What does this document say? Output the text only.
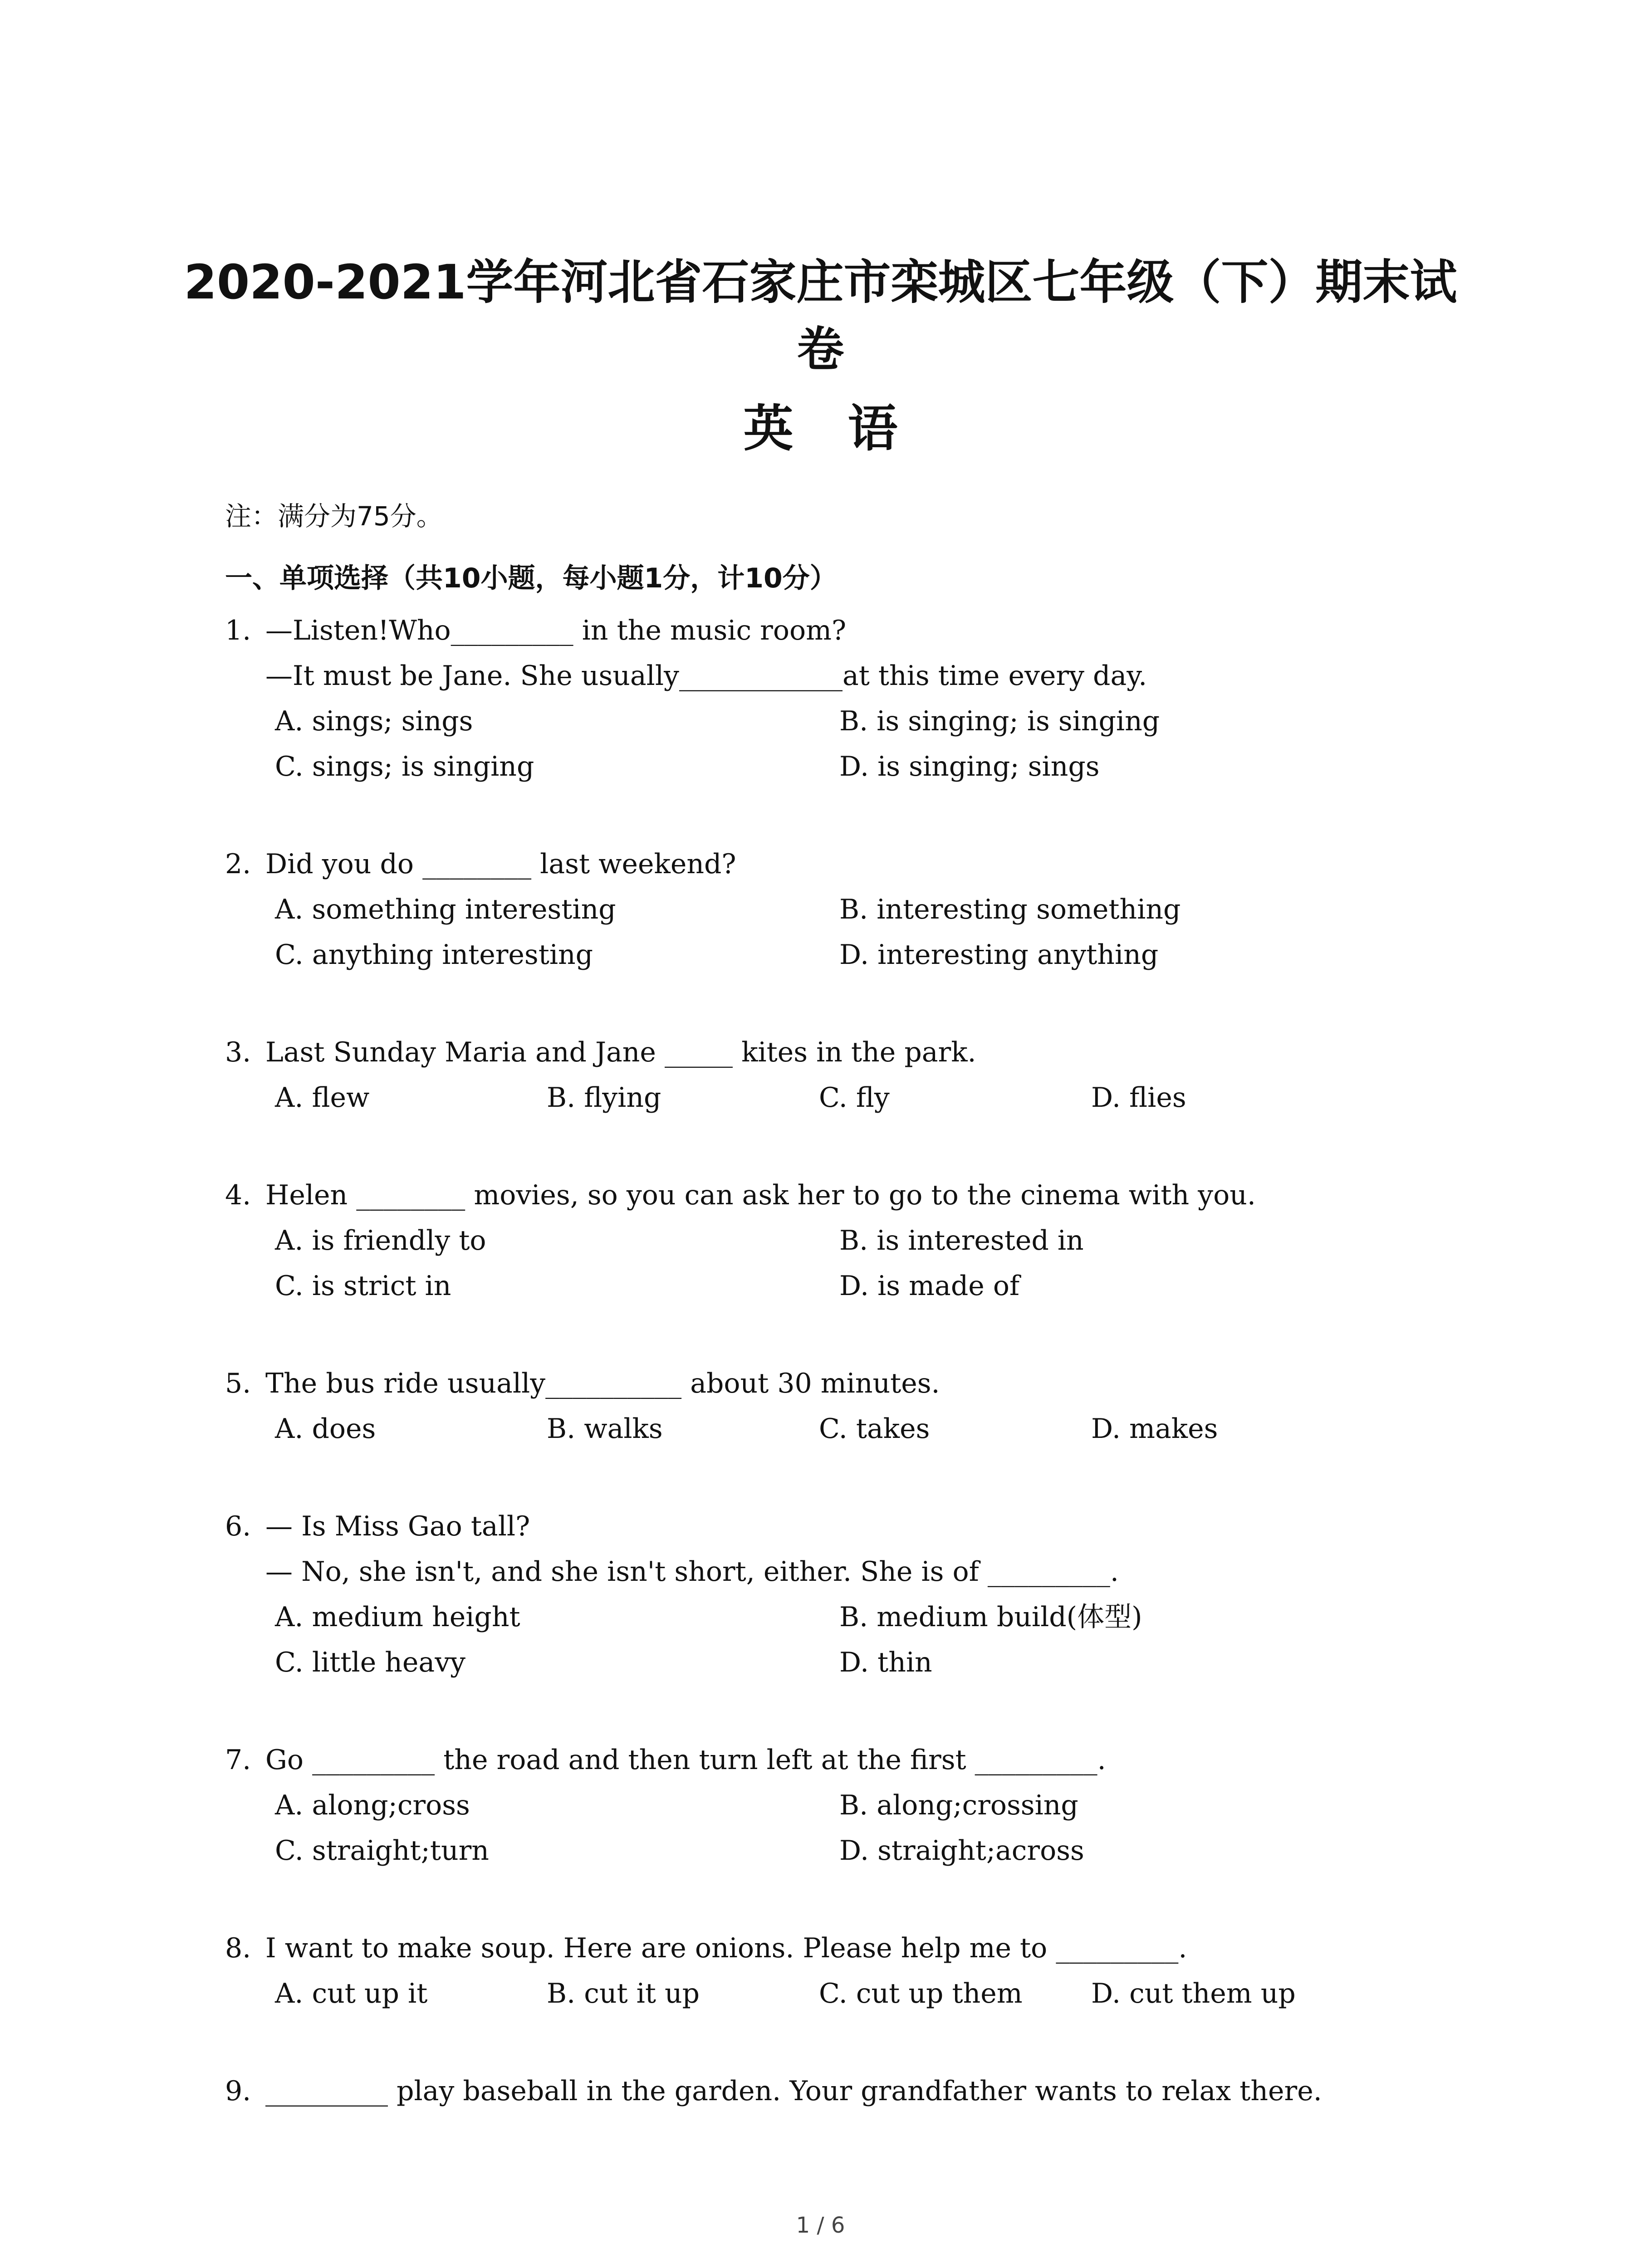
2020-2021学年河北省石家庄市栾城区七年级（下）期末试卷
英语
注：满分为75分。
一、单项选择（共10小题，每小题1分，计10分）
1. —Listen!Who_________ in the music room?
—It must be Jane. She usually____________at this time every day.
A. sings; sings	B. is singing; is singing
C. sings; is singing	D. is singing; sings
2. Did you do ________ last weekend?
A. something interesting	B. interesting something
C. anything interesting	D. interesting anything
3. Last Sunday Maria and Jane _____ kites in the park.
A. flew	B. flying	C. fly	D. flies
4. Helen ________ movies, so you can ask her to go to the cinema with you.
A. is friendly to	B. is interested in
C. is strict in	D. is made of
5. The bus ride usually__________ about 30 minutes.
A. does	B. walks	C. takes	D. makes
6. — Is Miss Gao tall?
— No, she isn't, and she isn't short, either. She is of _________.
A. medium height	B. medium build(体型)
C. little heavy	D. thin
7. Go _________ the road and then turn left at the first _________.
A. along;cross	B. along;crossing
C. straight;turn	D. straight;across
8. I want to make soup. Here are onions. Please help me to _________.
A. cut up it	B. cut it up	C. cut up them	D. cut them up
9. _________ play baseball in the garden. Your grandfather wants to relax there.
1 / 6
